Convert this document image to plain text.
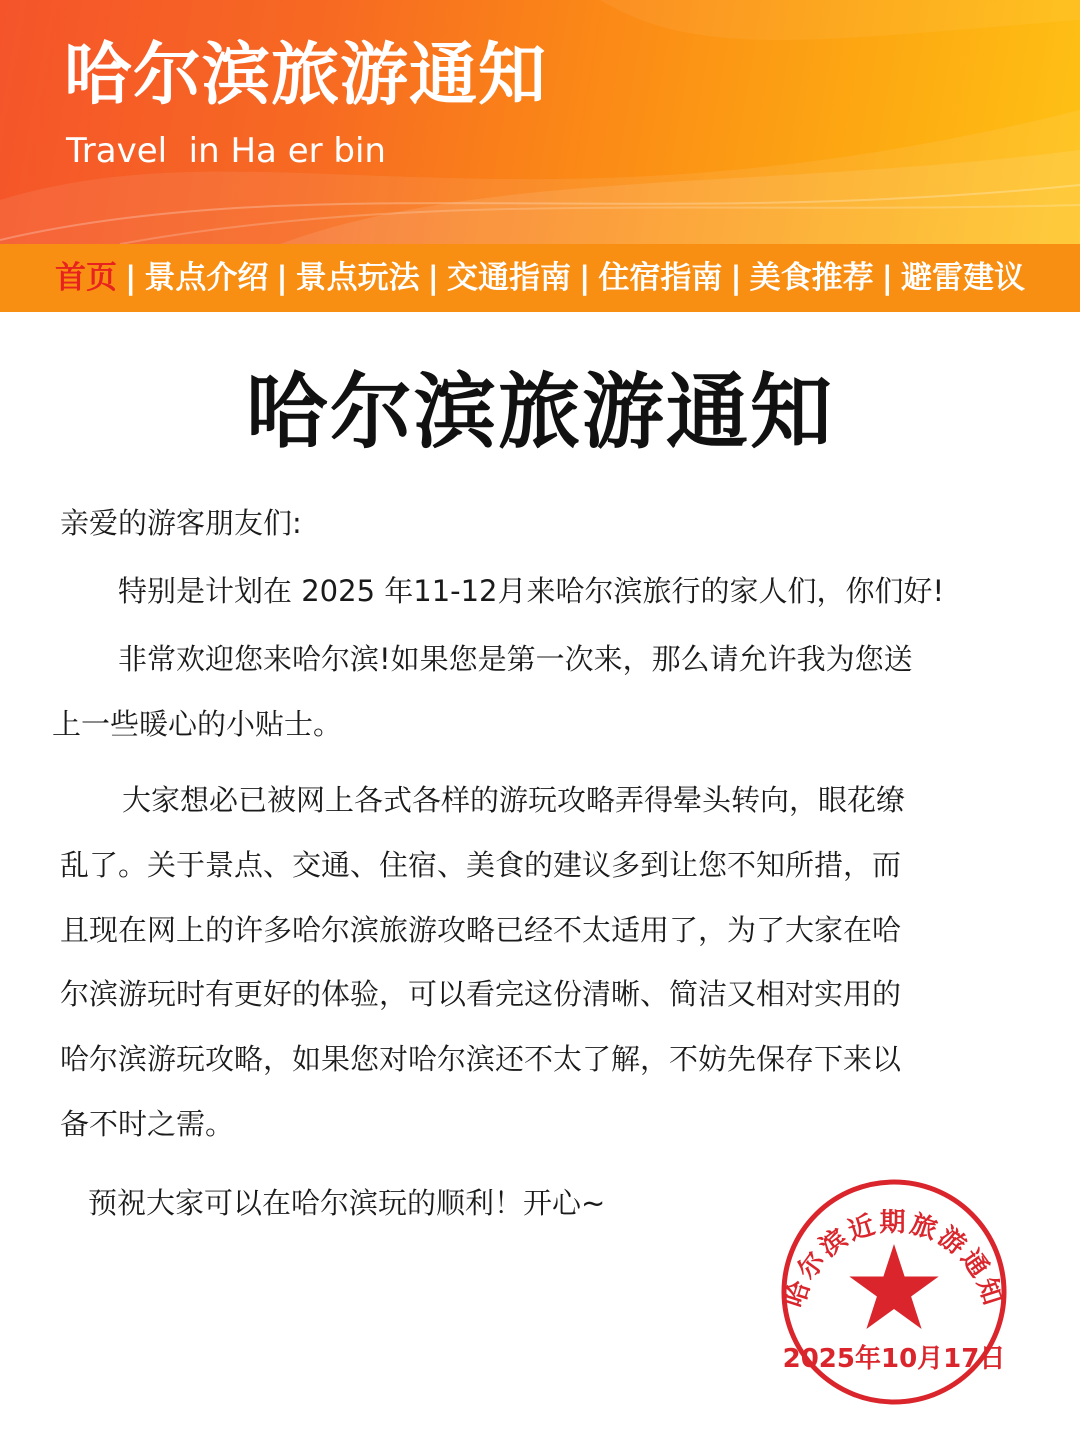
哈尔滨旅游通知
Travel  in Ha er bin
首页 | 景点介绍 | 景点玩法 | 交通指南 | 住宿指南 | 美食推荐 | 避雷建议
哈尔滨旅游通知
亲爱的游客朋友们:
特别是计划在 2025 年11-12月来哈尔滨旅行的家人们，你们好!
非常欢迎您来哈尔滨!如果您是第一次来，那么请允许我为您送
上一些暖心的小贴士。
大家想必已被网上各式各样的游玩攻略弄得晕头转向，眼花缭
乱了。关于景点、交通、住宿、美食的建议多到让您不知所措，而
且现在网上的许多哈尔滨旅游攻略已经不太适用了，为了大家在哈
尔滨游玩时有更好的体验，可以看完这份清晰、简洁又相对实用的
哈尔滨游玩攻略，如果您对哈尔滨还不太了解，不妨先保存下来以
备不时之需。
预祝大家可以在哈尔滨玩的顺利！开心~
哈尔滨近期旅游通知
2025年10月17日
